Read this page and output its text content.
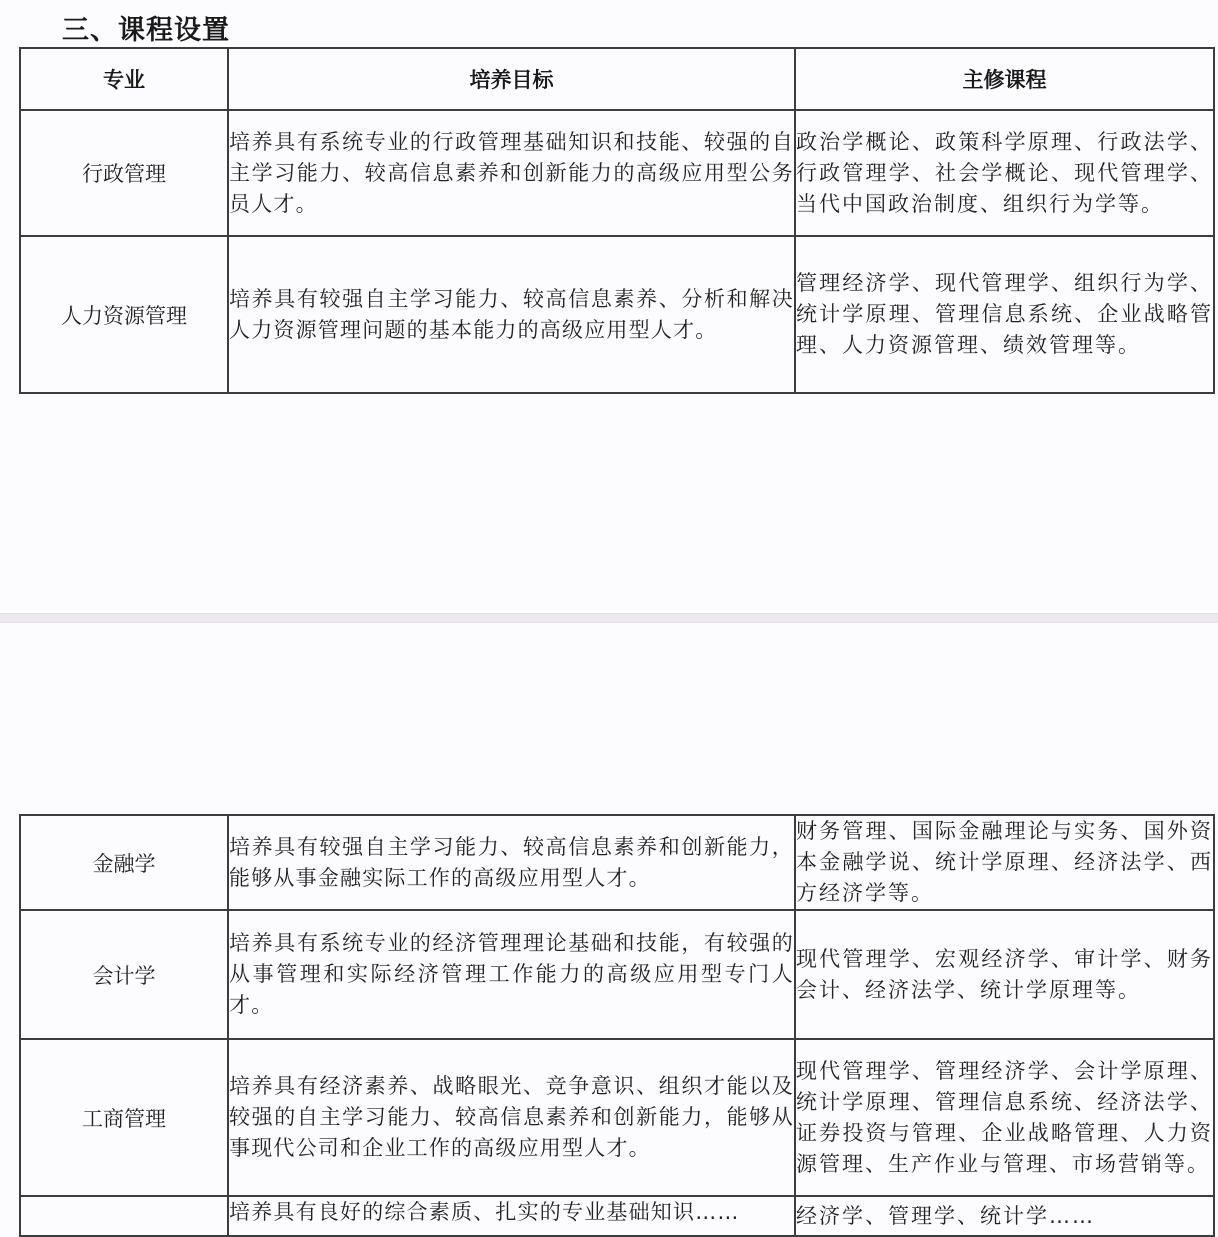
三、课程设置
专业	培养目标	主修课程
行政管理	培养具有系统专业的行政管理基础知识和技能、较强的自主学习能力、较高信息素养和创新能力的高级应用型公务员人才。	政治学概论、政策科学原理、行政法学、行政管理学、社会学概论、现代管理学、当代中国政治制度、组织行为学等。
人力资源管理	培养具有较强自主学习能力、较高信息素养、分析和解决人力资源管理问题的基本能力的高级应用型人才。	管理经济学、现代管理学、组织行为学、统计学原理、管理信息系统、企业战略管理、人力资源管理、绩效管理等。
金融学	培养具有较强自主学习能力、较高信息素养和创新能力，能够从事金融实际工作的高级应用型人才。	财务管理、国际金融理论与实务、国外资本金融学说、统计学原理、经济法学、西方经济学等。
会计学	培养具有系统专业的经济管理理论基础和技能，有较强的从事管理和实际经济管理工作能力的高级应用型专门人才。	现代管理学、宏观经济学、审计学、财务会计、经济法学、统计学原理等。
工商管理	培养具有经济素养、战略眼光、竞争意识、组织才能以及较强的自主学习能力、较高信息素养和创新能力，能够从事现代公司和企业工作的高级应用型人才。	现代管理学、管理经济学、会计学原理、统计学原理、管理信息系统、经济法学、证券投资与管理、企业战略管理、人力资源管理、生产作业与管理、市场营销等。
	培养具有良好的综合素质、扎实的专业基础知识……	经济学、管理学、统计学……
